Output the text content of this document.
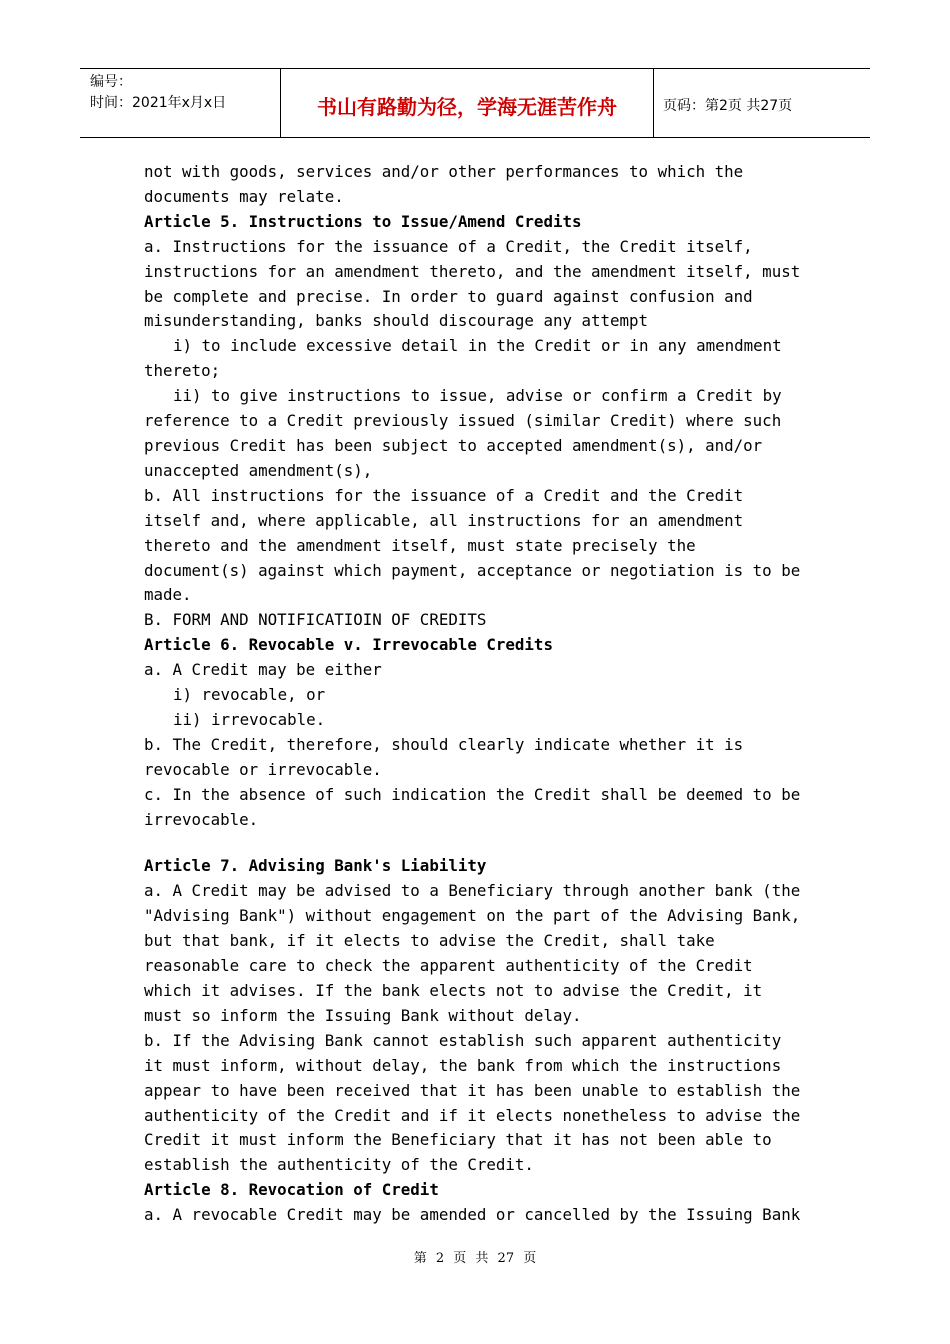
编号：
时间：2021年x月x日	书山有路勤为径，学海无涯苦作舟	页码：第2页 共27页

not with goods, services and/or other performances to which the

documents may relate.

Article 5. Instructions to Issue/Amend Credits

a. Instructions for the issuance of a Credit, the Credit itself,

instructions for an amendment thereto, and the amendment itself, must

be complete and precise. In order to guard against confusion and

misunderstanding, banks should discourage any attempt

i) to include excessive detail in the Credit or in any amendment

thereto;

ii) to give instructions to issue, advise or confirm a Credit by

reference to a Credit previously issued (similar Credit) where such

previous Credit has been subject to accepted amendment(s), and/or

unaccepted amendment(s),

b. All instructions for the issuance of a Credit and the Credit

itself and, where applicable, all instructions for an amendment

thereto and the amendment itself, must state precisely the

document(s) against which payment, acceptance or negotiation is to be

made.

B. FORM AND NOTIFICATIOIN OF CREDITS

Article 6. Revocable v. Irrevocable Credits

a. A Credit may be either

i) revocable, or

ii) irrevocable.

b. The Credit, therefore, should clearly indicate whether it is

revocable or irrevocable.

c. In the absence of such indication the Credit shall be deemed to be

irrevocable.

Article 7. Advising Bank's Liability

a. A Credit may be advised to a Beneficiary through another bank (the

"Advising Bank") without engagement on the part of the Advising Bank,

but that bank, if it elects to advise the Credit, shall take

reasonable care to check the apparent authenticity of the Credit

which it advises. If the bank elects not to advise the Credit, it

must so inform the Issuing Bank without delay.

b. If the Advising Bank cannot establish such apparent authenticity

it must inform, without delay, the bank from which the instructions

appear to have been received that it has been unable to establish the

authenticity of the Credit and if it elects nonetheless to advise the

Credit it must inform the Beneficiary that it has not been able to

establish the authenticity of the Credit.

Article 8. Revocation of Credit

a. A revocable Credit may be amended or cancelled by the Issuing Bank

第 2 页 共 27 页
